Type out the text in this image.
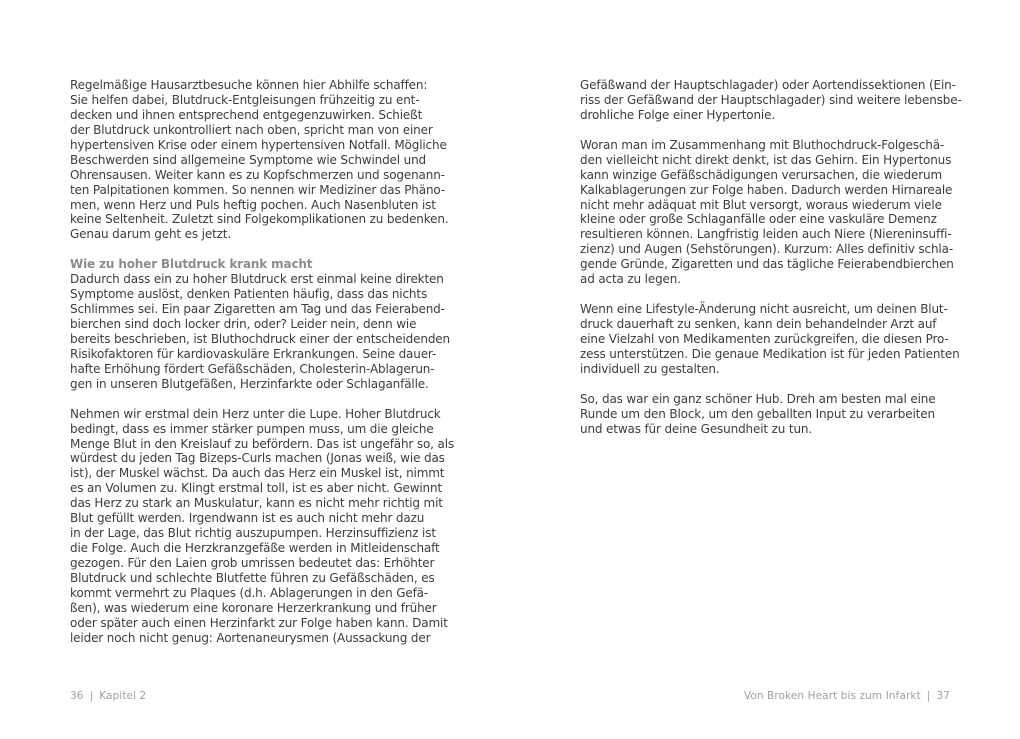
Regelmäßige Hausarztbesuche können hier Abhilfe schaffen:
Sie helfen dabei, Blutdruck-Entgleisungen frühzeitig zu ent-
decken und ihnen entsprechend entgegenzuwirken. Schießt
der Blutdruck unkontrolliert nach oben, spricht man von einer
hypertensiven Krise oder einem hypertensiven Notfall. Mögliche
Beschwerden sind allgemeine Symptome wie Schwindel und
Ohrensausen. Weiter kann es zu Kopfschmerzen und sogenann-
ten Palpitationen kommen. So nennen wir Mediziner das Phäno-
men, wenn Herz und Puls heftig pochen. Auch Nasenbluten ist
keine Seltenheit. Zuletzt sind Folgekomplikationen zu bedenken.
Genau darum geht es jetzt.
Wie zu hoher Blutdruck krank macht
Dadurch dass ein zu hoher Blutdruck erst einmal keine direkten
Symptome auslöst, denken Patienten häufig, dass das nichts
Schlimmes sei. Ein paar Zigaretten am Tag und das Feierabend-
bierchen sind doch locker drin, oder? Leider nein, denn wie
bereits beschrieben, ist Bluthochdruck einer der entscheidenden
Risikofaktoren für kardiovaskuläre Erkrankungen. Seine dauer-
hafte Erhöhung fördert Gefäßschäden, Cholesterin-Ablagerun-
gen in unseren Blutgefäßen, Herzinfarkte oder Schlaganfälle.
Nehmen wir erstmal dein Herz unter die Lupe. Hoher Blutdruck
bedingt, dass es immer stärker pumpen muss, um die gleiche
Menge Blut in den Kreislauf zu befördern. Das ist ungefähr so, als
würdest du jeden Tag Bizeps-Curls machen (Jonas weiß, wie das
ist), der Muskel wächst. Da auch das Herz ein Muskel ist, nimmt
es an Volumen zu. Klingt erstmal toll, ist es aber nicht. Gewinnt
das Herz zu stark an Muskulatur, kann es nicht mehr richtig mit
Blut gefüllt werden. Irgendwann ist es auch nicht mehr dazu
in der Lage, das Blut richtig auszupumpen. Herzinsuffizienz ist
die Folge. Auch die Herzkranzgefäße werden in Mitleidenschaft
gezogen. Für den Laien grob umrissen bedeutet das: Erhöhter
Blutdruck und schlechte Blutfette führen zu Gefäßschäden, es
kommt vermehrt zu Plaques (d.h. Ablagerungen in den Gefä-
ßen), was wiederum eine koronare Herzerkrankung und früher
oder später auch einen Herzinfarkt zur Folge haben kann. Damit
leider noch nicht genug: Aortenaneurysmen (Aussackung der
36 | Kapitel 2
Gefäßwand der Hauptschlagader) oder Aortendissektionen (Ein-
riss der Gefäßwand der Hauptschlagader) sind weitere lebensbe-
drohliche Folge einer Hypertonie.
Woran man im Zusammenhang mit Bluthochdruck-Folgeschä-
den vielleicht nicht direkt denkt, ist das Gehirn. Ein Hypertonus
kann winzige Gefäßschädigungen verursachen, die wiederum
Kalkablagerungen zur Folge haben. Dadurch werden Hirnareale
nicht mehr adäquat mit Blut versorgt, woraus wiederum viele
kleine oder große Schlaganfälle oder eine vaskuläre Demenz
resultieren können. Langfristig leiden auch Niere (Niereninsuffi-
zienz) und Augen (Sehstörungen). Kurzum: Alles definitiv schla-
gende Gründe, Zigaretten und das tägliche Feierabendbierchen
ad acta zu legen.
Wenn eine Lifestyle-Änderung nicht ausreicht, um deinen Blut-
druck dauerhaft zu senken, kann dein behandelnder Arzt auf
eine Vielzahl von Medikamenten zurückgreifen, die diesen Pro-
zess unterstützen. Die genaue Medikation ist für jeden Patienten
individuell zu gestalten.
So, das war ein ganz schöner Hub. Dreh am besten mal eine
Runde um den Block, um den geballten Input zu verarbeiten
und etwas für deine Gesundheit zu tun.
Von Broken Heart bis zum Infarkt | 37
